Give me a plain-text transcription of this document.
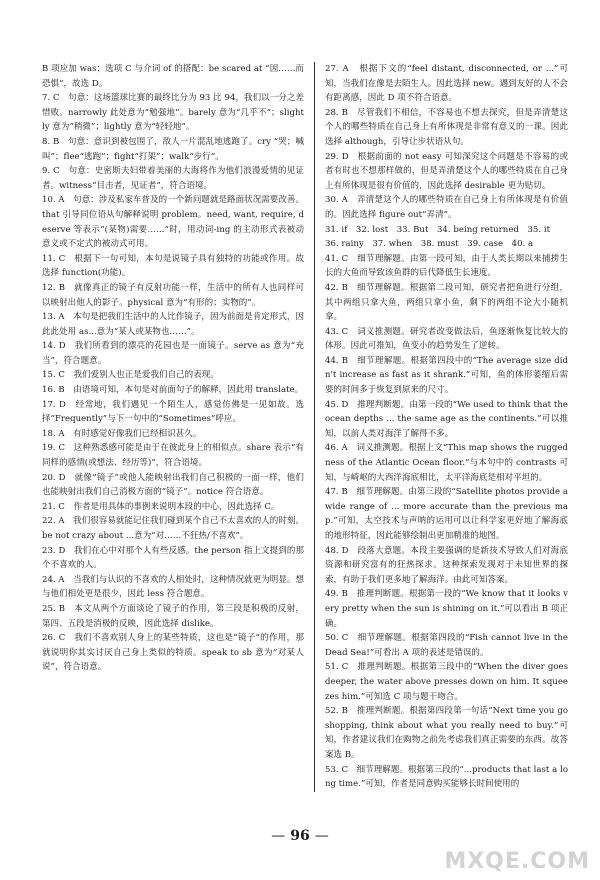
B 项应加 was；选项 C 与介词 of 的搭配：be scared at “因……而恐惧”，故选 D。

7. C　句意：这场篮球比赛的最终比分为 93 比 94，我们以一分之差惜败。narrowly 此处意为“勉强地”。barely 意为“几乎不”；slightly 意为“稍微”；lightly 意为“轻轻地”。

8. B　句意：意识到被包围了，敌人一片混乱地逃跑了。cry “哭；喊叫”；flee“逃跑”；fight“打架”；walk“步行”。

9. C　句意：史密斯夫妇带着美丽的大海将作为他们浪漫爱情的见证者。witness“目击者，见证者”，符合语境。

10. A　句意：涉及私家车普及的一个新问题就是路面状况需要改善。that 引导同位语从句解释说明 problem。need, want, require, deserve 等表示“(某物)需要……”时，用动词-ing 的主动形式表被动意义或不定式的被动式可用。

11. C　根据下一句可知，本句是说镜子具有独特的功能或作用。故选择 function(功能)。

12. B　就像真正的镜子有反射功能一样，生活中的所有人也同样可以映射出他人的影子。physical 意为“有形的；实物的”。

13. A　本句是把我们生活中的人比作镜子，因为前面是肯定形式，因此此处用 as...意为“某人或某物也……”。

14. D　我们所看到的漂亮的花园也是一面镜子。serve as 意为“充当”，符合题意。

15. C　我们爱别人也正是爱我们自己的表现。

16. B　由语境可知，本句是对前面句子的解释，因此用 translate。

17. D　经常地，我们遇见一个陌生人，感觉仿佛是一见如故。选择“Frequently”与下一句中的“Sometimes”呼应。

18. A　有时感觉好像我们已经相识甚久。

19. C　这种熟悉感可能是由于在彼此身上的相似点。share 表示“有同样的感情(或想法、经历等)”，符合语境。

20. D　就像“镜子”或他人能映射出我们自己积极的一面一样，他们也能映射出我们自己消极方面的“镜子”。notice 符合语意。

21. C　作者是用具体的事例来说明本段的中心，因此选择 C。

22. A　我们很容易就能记住我们碰到某个自己不太喜欢的人的时刻。be not crazy about ...意为“对……不狂热/不喜欢”。

23. D　我们在心中对那个人有些反感。the person 指上文提到的那个不喜欢的人。

24. A　当我们与认识的不喜欢的人相处时，这种情况就更为明显。想与他们相处更是很少，因此 less 符合题意。

25. B　本文从两个方面谈论了镜子的作用，第三段是积极的反射，第四、五段是消极的反映，因此选择 dislike。

26. C　我们不喜欢别人身上的某些特质，这也是“镜子”的作用，那就说明你其实讨厌自己身上类似的特质。speak to sb 意为“对某人说”，符合语意。

27. A　根据下文的“feel distant, disconnected, or ...”可知，当我们在像是去陌生人。因此选择 new。遇到友好的人不会有距离感，因此 D 项不符合语意。

28. B　尽管我们不相信，不容易也不想去探究，但是弄清楚这个人的哪些特质在自己身上有所体现是非常有意义的一课。因此选择 although，引导让步状语从句。

29. D　根据前面的 not easy 可知深究这个问题是不容易的或者有时也不想那样做的，但是弄清楚这个人的哪些特质在自己身上有所体现是很有价值的，因此选择 desirable 更为贴切。

30. A　弄清楚这个人的哪些特质在自己身上有所体现是有价值的。因此选择 figure out“弄清”。

31. if　32. lost　33. But　34. being returned　35. it

36. rainy　37. when　38. must　39. case　40. a

41. C　细节理解题。由第一段可知，由于人类长期以来捕捞生长的大鱼而导致该鱼群的后代降低生长速度。

42. B　细节理解题。根据第二段可知，研究者把鱼进行分组，其中两组只拿大鱼，两组只拿小鱼，剩下的两组不论大小随机拿。

43. C　词义推测题。研究者改变做法后，鱼逐渐恢复比较大的体形。因此可推知，鱼变小的趋势发生了逆转。

44. B　细节理解题。根据第四段中的“The average size didn't increase as fast as it shrank.”可知，鱼的体形萎缩后需要的时间多于恢复到原来的尺寸。

45. D　推理判断题。由第一段的“We used to think that the ocean depths ... the same age as the continents.”可以推知，以前人类对海洋了解得不多。

46. A　词义推测题。根据上文“This map shows the ruggedness of the Atlantic Ocean floor.”与本句中的 contrasts 可知，与崎岖的大西洋海底相比，太平洋海底是相对平坦的。

47. B　细节理解题。由第三段的“Satellite photos provide a wide range of ... more accurate than the previous map.”可知，太空技术与声呐的运用可以让科学家更好地了解海底的地形特征，因此能够绘制出更加精准的地图。

48. D　段落大意题。本段主要强调的是新技术导致人们对海底资源和研究富有的狂热探求。这种探索发现对于未知世界的探索，有助于我们更多地了解海洋。由此可知答案。

49. B　推理判断题。根据第一段的“We know that it looks very pretty when the sun is shining on it.”可以看出 B 项正确。

50. C　细节理解题。根据第四段的“Fish cannot live in the Dead Sea!”可看出 A 项的表述是错误的。

51. C　推理判断题。根据第三段中的“When the diver goes deeper, the water above presses down on him. It squeezes him.”可知选 C 项与题干吻合。

52. B　推理判断题。根据第四段第一句话“Next time you go shopping, think about what you really need to buy.”可知，作者建议我们在购物之前先考虑我们真正需要的东西。故答案选 B。

53. C　细节理解题。根据第三段的“...products that last a long time.”可知，作者是同意购买能够长时间使用的

— 96 —
MXQE.COM
